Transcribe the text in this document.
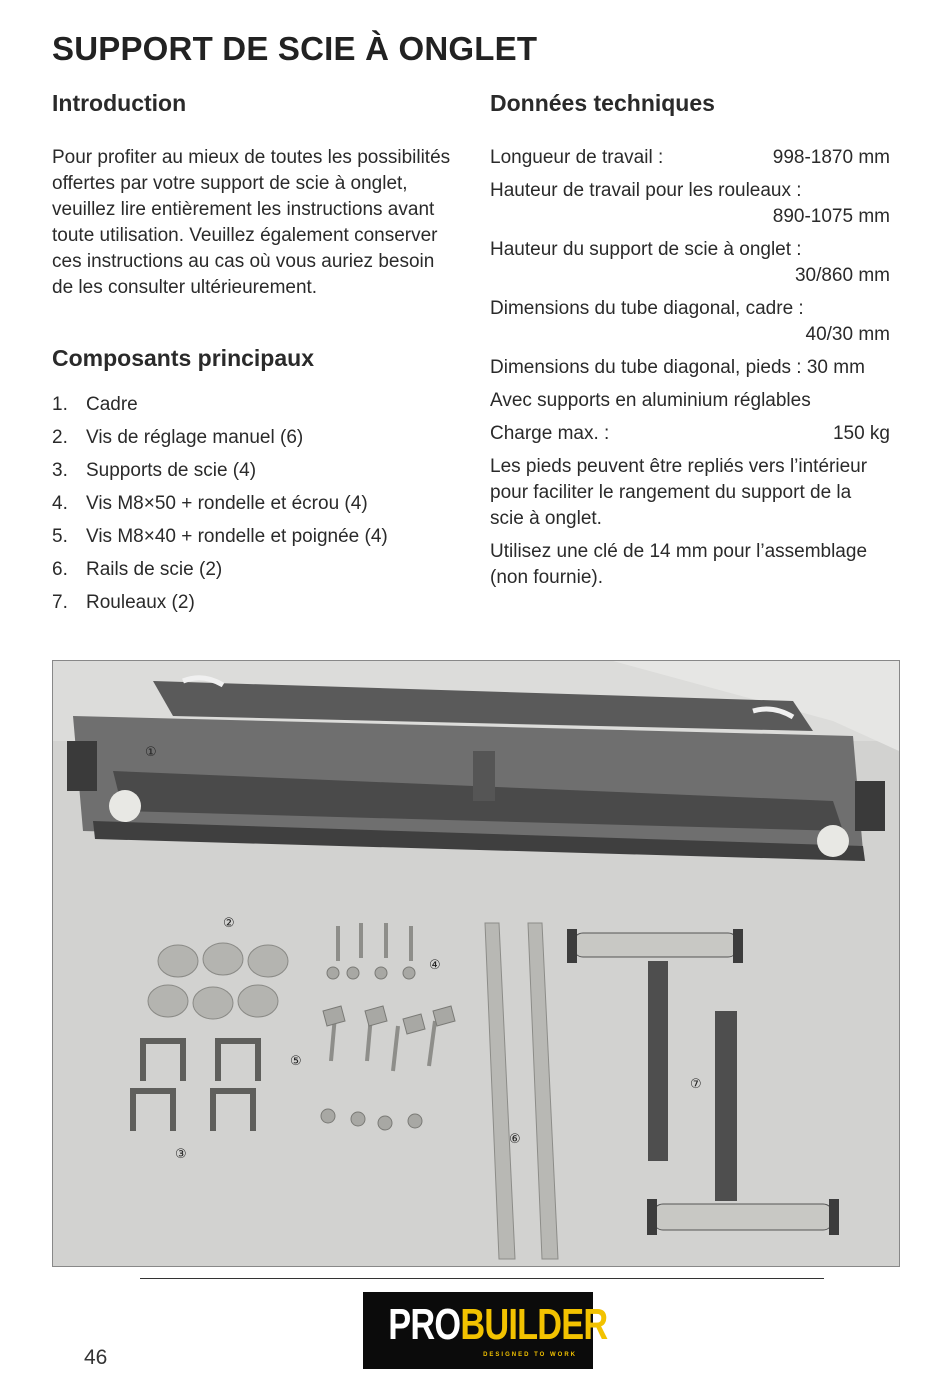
SUPPORT DE SCIE À ONGLET
Introduction

Pour profiter au mieux de toutes les possibilités offertes par votre support de scie à onglet, veuillez lire entièrement les instructions avant toute utilisation. Veuillez également conserver ces instructions au cas où vous auriez besoin de les consulter ultérieurement.

Composants principaux
1. Cadre
2. Vis de réglage manuel (6)
3. Supports de scie (4)
4. Vis M8×50 + rondelle et écrou (4)
5. Vis M8×40 + rondelle et poignée (4)
6. Rails de scie (2)
7. Rouleaux (2)
Données techniques
Longueur de travail :	998-1870 mm
Hauteur de travail pour les rouleaux :
890-1075 mm
Hauteur du support de scie à onglet :
30/860 mm
Dimensions du tube diagonal, cadre :
40/30 mm
Dimensions du tube diagonal, pieds : 30 mm
Avec supports en aluminium réglables
Charge max. :	150 kg
Les pieds peuvent être repliés vers l’intérieur pour faciliter le rangement du support de la scie à onglet.
Utilisez une clé de 14 mm pour l’assemblage (non fournie).
①
②
③
④
⑤
⑥
⑦
PROBUILDER
DESIGNED TO WORK
46
